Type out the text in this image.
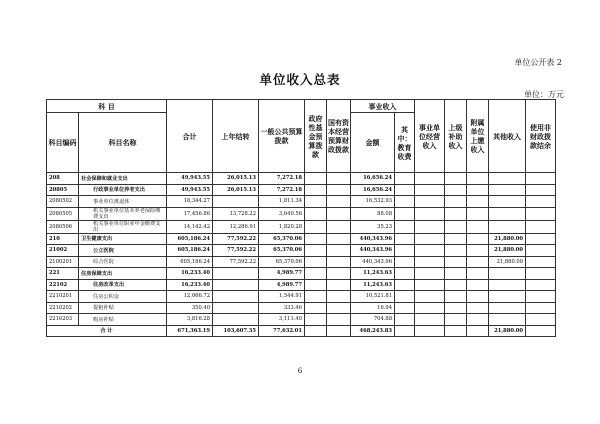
单位公开表 2
单位收入总表
单位：万元
科 目		合计	上年结转	一般公共预算拨款	政府性基金预算拨款	国有资本经营预算财政拨款	事业收入		事业单位经营收入	上级补助收入	附属单位上缴收入	其他收入	使用非财政拨款结余
科目编码	科目名称						金额	其中：教育收费					
208	社会保障和就业支出	49,943.55	26,015.13	7,272.18			16,656.24						
20805	行政事业单位养老支出	49,943.55	26,015.13	7,272.18			16,656.24						
2080502	事业单位离退休	18,344.27		1,811.34			16,532.93						
2080505	机关事业单位基本养老保险缴费支出	17,456.86	13,728.22	3,640.56			88.08						
2080506	机关事业单位职业年金缴费支出	14,142.42	12,286.91	1,820.28			35.23						
210	卫生健康支出	605,186.24	77,592.22	65,370.06			440,343.96					21,880.00	
21002	公立医院	605,186.24	77,592.22	65,370.06			440,343.96					21,880.00	
2100201	综合医院	605,186.24	77,592.22	65,370.06			440,343.96					21,880.00	
221	住房保障支出	16,233.40		4,989.77			11,243.63						
22102	住房改革支出	16,233.40		4,989.77			11,243.63						
2210201	住房公积金	12,066.72		1,544.91			10,521.81						
2210202	提租补贴	350.40		333.46			16.94						
2210203	购房补贴	3,816.28		3,111.40			704.88						
合 计		671,363.19	103,607.35	77,632.01			468,243.83					21,880.00	
6
